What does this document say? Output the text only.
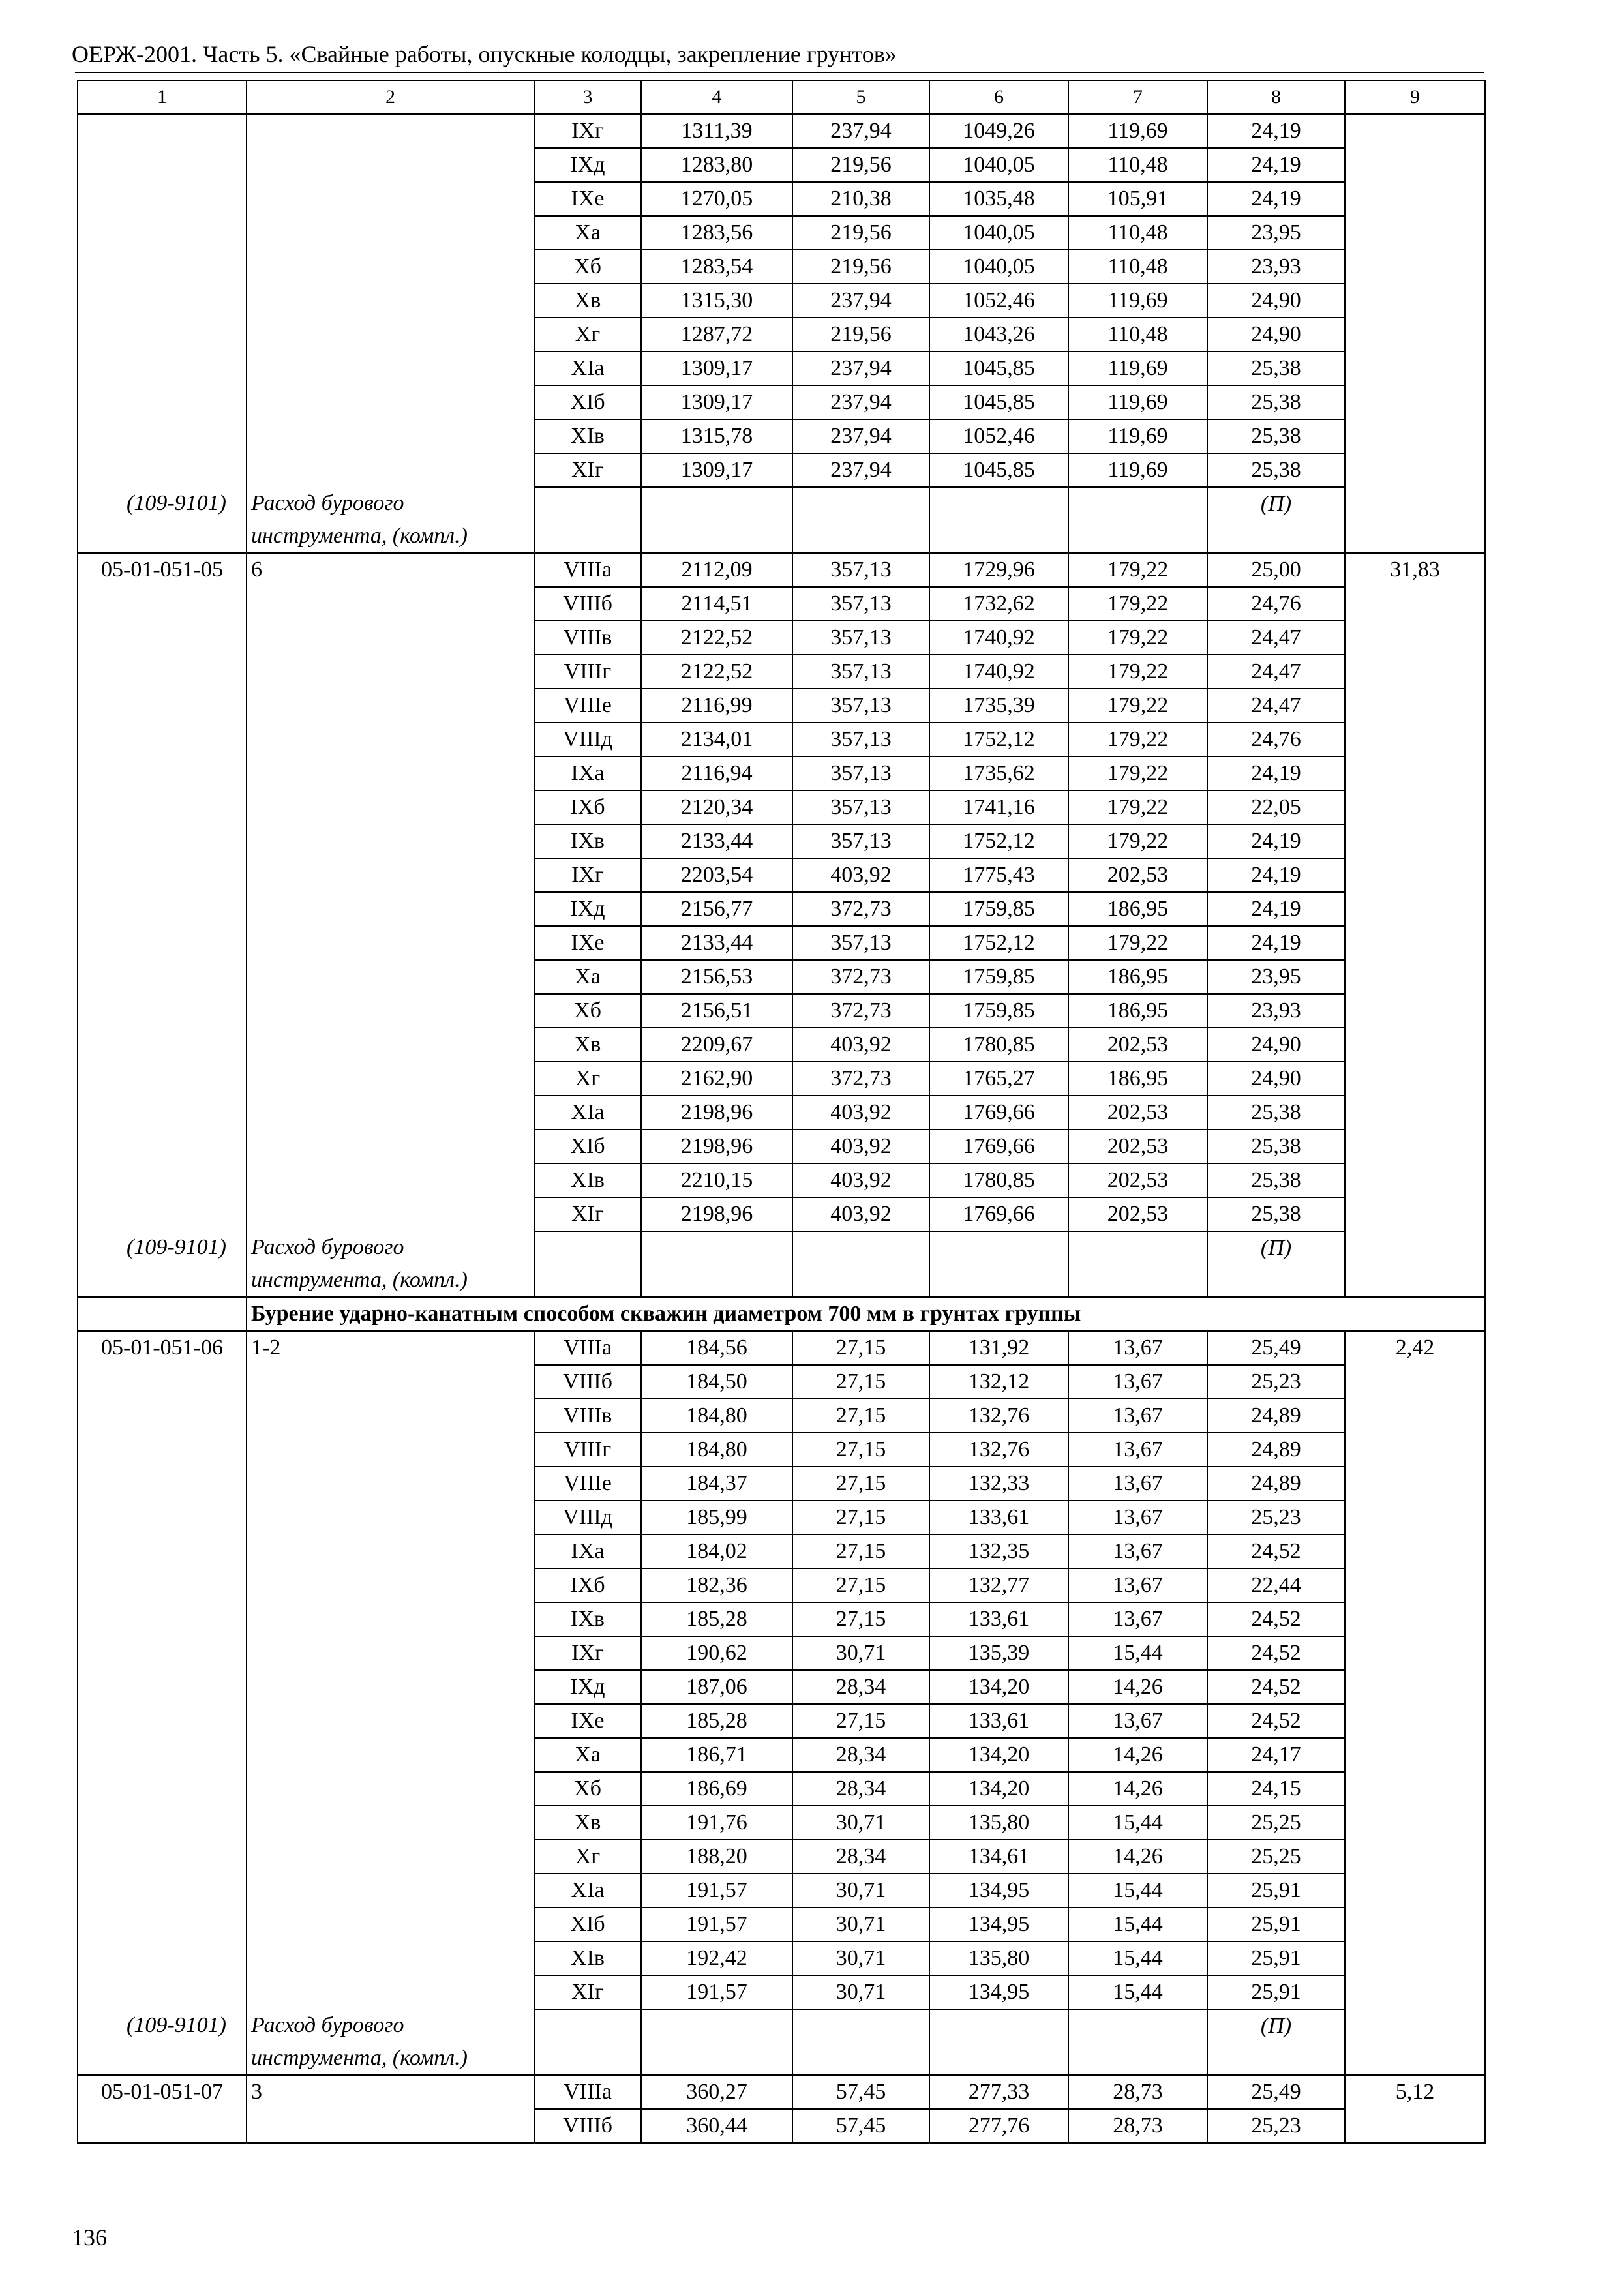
ОЕРЖ-2001. Часть 5. «Свайные работы, опускные колодцы, закрепление грунтов»
1	2	3	4	5	6	7	8	9
		IXг	1311,39	237,94	1049,26	119,69	24,19	
		IXд	1283,80	219,56	1040,05	110,48	24,19	
		IXе	1270,05	210,38	1035,48	105,91	24,19	
		Xа	1283,56	219,56	1040,05	110,48	23,95	
		Xб	1283,54	219,56	1040,05	110,48	23,93	
		Xв	1315,30	237,94	1052,46	119,69	24,90	
		Xг	1287,72	219,56	1043,26	110,48	24,90	
		XIа	1309,17	237,94	1045,85	119,69	25,38	
		XIб	1309,17	237,94	1045,85	119,69	25,38	
		XIв	1315,78	237,94	1052,46	119,69	25,38	
		XIг	1309,17	237,94	1045,85	119,69	25,38	
(109-9101)	Расход бурового инструмента, (компл.)						(П)	
05-01-051-05	6	VIIIа	2112,09	357,13	1729,96	179,22	25,00	31,83
		VIIIб	2114,51	357,13	1732,62	179,22	24,76	
		VIIIв	2122,52	357,13	1740,92	179,22	24,47	
		VIIIг	2122,52	357,13	1740,92	179,22	24,47	
		VIIIе	2116,99	357,13	1735,39	179,22	24,47	
		VIIIд	2134,01	357,13	1752,12	179,22	24,76	
		IXа	2116,94	357,13	1735,62	179,22	24,19	
		IXб	2120,34	357,13	1741,16	179,22	22,05	
		IXв	2133,44	357,13	1752,12	179,22	24,19	
		IXг	2203,54	403,92	1775,43	202,53	24,19	
		IXд	2156,77	372,73	1759,85	186,95	24,19	
		IXе	2133,44	357,13	1752,12	179,22	24,19	
		Xа	2156,53	372,73	1759,85	186,95	23,95	
		Xб	2156,51	372,73	1759,85	186,95	23,93	
		Xв	2209,67	403,92	1780,85	202,53	24,90	
		Xг	2162,90	372,73	1765,27	186,95	24,90	
		XIа	2198,96	403,92	1769,66	202,53	25,38	
		XIб	2198,96	403,92	1769,66	202,53	25,38	
		XIв	2210,15	403,92	1780,85	202,53	25,38	
		XIг	2198,96	403,92	1769,66	202,53	25,38	
(109-9101)	Расход бурового инструмента, (компл.)						(П)	
	Бурение ударно-канатным способом скважин диаметром 700 мм в грунтах группы							
05-01-051-06	1-2	VIIIа	184,56	27,15	131,92	13,67	25,49	2,42
		VIIIб	184,50	27,15	132,12	13,67	25,23	
		VIIIв	184,80	27,15	132,76	13,67	24,89	
		VIIIг	184,80	27,15	132,76	13,67	24,89	
		VIIIе	184,37	27,15	132,33	13,67	24,89	
		VIIIд	185,99	27,15	133,61	13,67	25,23	
		IXа	184,02	27,15	132,35	13,67	24,52	
		IXб	182,36	27,15	132,77	13,67	22,44	
		IXв	185,28	27,15	133,61	13,67	24,52	
		IXг	190,62	30,71	135,39	15,44	24,52	
		IXд	187,06	28,34	134,20	14,26	24,52	
		IXе	185,28	27,15	133,61	13,67	24,52	
		Xа	186,71	28,34	134,20	14,26	24,17	
		Xб	186,69	28,34	134,20	14,26	24,15	
		Xв	191,76	30,71	135,80	15,44	25,25	
		Xг	188,20	28,34	134,61	14,26	25,25	
		XIа	191,57	30,71	134,95	15,44	25,91	
		XIб	191,57	30,71	134,95	15,44	25,91	
		XIв	192,42	30,71	135,80	15,44	25,91	
		XIг	191,57	30,71	134,95	15,44	25,91	
(109-9101)	Расход бурового инструмента, (компл.)						(П)	
05-01-051-07	3	VIIIа	360,27	57,45	277,33	28,73	25,49	5,12
		VIIIб	360,44	57,45	277,76	28,73	25,23	
136
